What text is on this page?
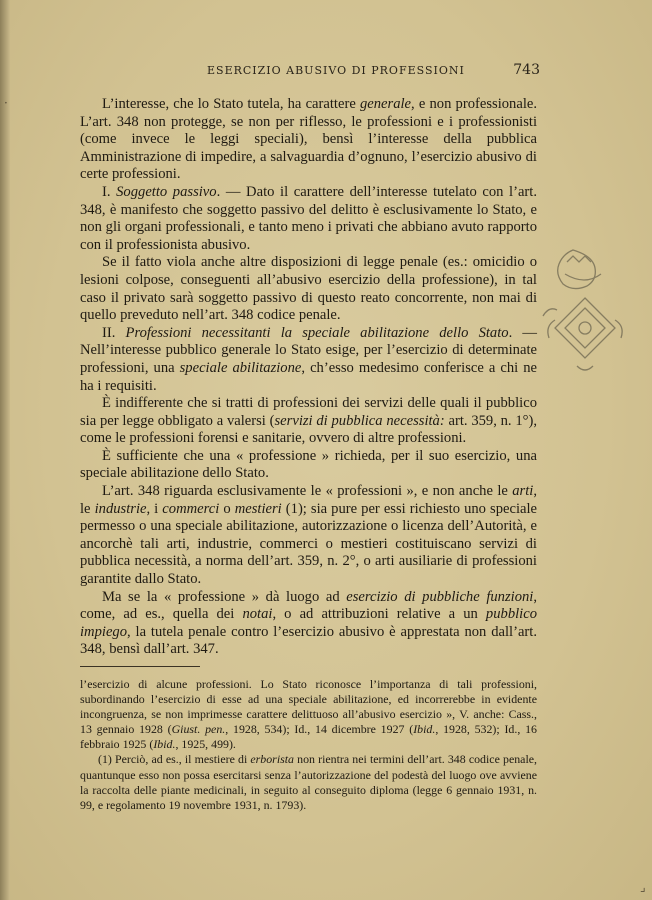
ESERCIZIO ABUSIVO DI PROFESSIONI	743

L’interesse, che lo Stato tutela, ha carattere generale, e non professionale. L’art. 348 non protegge, se non per riflesso, le professioni e i professionisti (come invece le leggi speciali), bensì l’interesse della pubblica Amministrazione di impedire, a salvaguardia d’ognuno, l’esercizio abusivo di certe professioni.

I. Soggetto passivo. — Dato il carattere dell’interesse tutelato con l’art. 348, è manifesto che soggetto passivo del delitto è esclusivamente lo Stato, e non gli organi professionali, e tanto meno i privati che abbiano avuto rapporto con il professionista abusivo.

Se il fatto viola anche altre disposizioni di legge penale (es.: omicidio o lesioni colpose, conseguenti all’abusivo esercizio della professione), in tal caso il privato sarà soggetto passivo di questo reato concorrente, non mai di quello preveduto nell’art. 348 codice penale.

II. Professioni necessitanti la speciale abilitazione dello Stato. — Nell’interesse pubblico generale lo Stato esige, per l’esercizio di determinate professioni, una speciale abilitazione, ch’esso medesimo conferisce a chi ne ha i requisiti.

È indifferente che si tratti di professioni dei servizi delle quali il pubblico sia per legge obbligato a valersi (servizi di pubblica necessità: art. 359, n. 1°), come le professioni forensi e sanitarie, ovvero di altre professioni.

È sufficiente che una « professione » richieda, per il suo esercizio, una speciale abilitazione dello Stato.

L’art. 348 riguarda esclusivamente le « professioni », e non anche le arti, le industrie, i commerci o mestieri (1); sia pure per essi richiesto uno speciale permesso o una speciale abilitazione, autorizzazione o licenza dell’Autorità, e ancorchè tali arti, industrie, commerci o mestieri costituiscano servizi di pubblica necessità, a norma dell’art. 359, n. 2°, o arti ausiliarie di professioni garantite dallo Stato.

Ma se la « professione » dà luogo ad esercizio di pubbliche funzioni, come, ad es., quella dei notai, o ad attribuzioni relative a un pubblico impiego, la tutela penale contro l’esercizio abusivo è apprestata non dall’art. 348, bensì dall’art. 347.

l’esercizio di alcune professioni. Lo Stato riconosce l’importanza di tali professioni, subordinando l’esercizio di esse ad una speciale abilitazione, ed incorrerebbe in evidente incongruenza, se non imprimesse carattere delittuoso all’abusivo esercizio », V. anche: Cass., 13 gennaio 1928 (Giust. pen., 1928, 534); Id., 14 dicembre 1927 (Ibid., 1928, 532); Id., 16 febbraio 1925 (Ibid., 1925, 499).

(1) Perciò, ad es., il mestiere di erborista non rientra nei termini dell’art. 348 codice penale, quantunque esso non possa esercitarsi senza l’autorizzazione del podestà del luogo ove avviene la raccolta delle piante medicinali, in seguito al conseguito diploma (legge 6 gennaio 1931, n. 99, e regolamento 19 novembre 1931, n. 1793).

·
⌟
